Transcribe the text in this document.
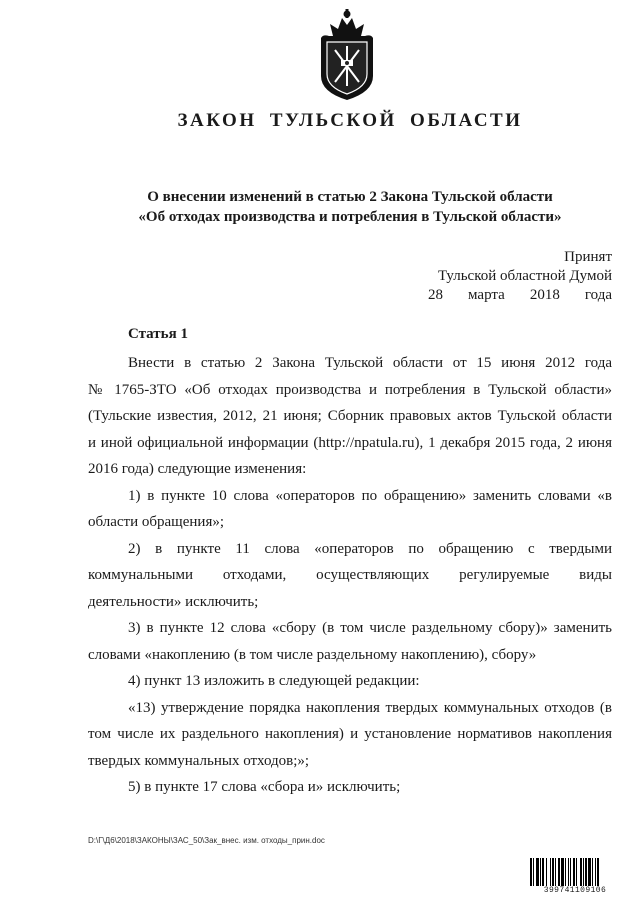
ЗАКОН ТУЛЬСКОЙ ОБЛАСТИ
О внесении изменений в статью 2 Закона Тульской области
«Об отходах производства и потребления в Тульской области»
Принят
Тульской областной Думой
28 марта 2018 года
Статья 1
Внести в статью 2 Закона Тульской области от 15 июня 2012 года
№ 1765-ЗТО «Об отходах производства и потребления в Тульской области»
(Тульские известия, 2012, 21 июня; Сборник правовых актов Тульской области
и иной официальной информации (http://npatula.ru), 1 декабря 2015 года, 2 июня
2016 года) следующие изменения:
1) в пункте 10 слова «операторов по обращению» заменить словами «в
области обращения»;
2) в пункте 11 слова «операторов по обращению с твердыми
коммунальными отходами, осуществляющих регулируемые виды
деятельности» исключить;
3) в пункте 12 слова «сбору (в том числе раздельному сбору)» заменить
словами «накоплению (в том числе раздельному накоплению), сбору»
4) пункт 13 изложить в следующей редакции:
«13) утверждение порядка накопления твердых коммунальных отходов (в
том числе их раздельного накопления) и установление нормативов накопления
твердых коммунальных отходов;»;
5) в пункте 17 слова «сбора и» исключить;
D:\Г\Д6\2018\ЗАКОНЫ\ЗАС_50\Зак_внес. изм. отходы_прин.doc
399741109106
